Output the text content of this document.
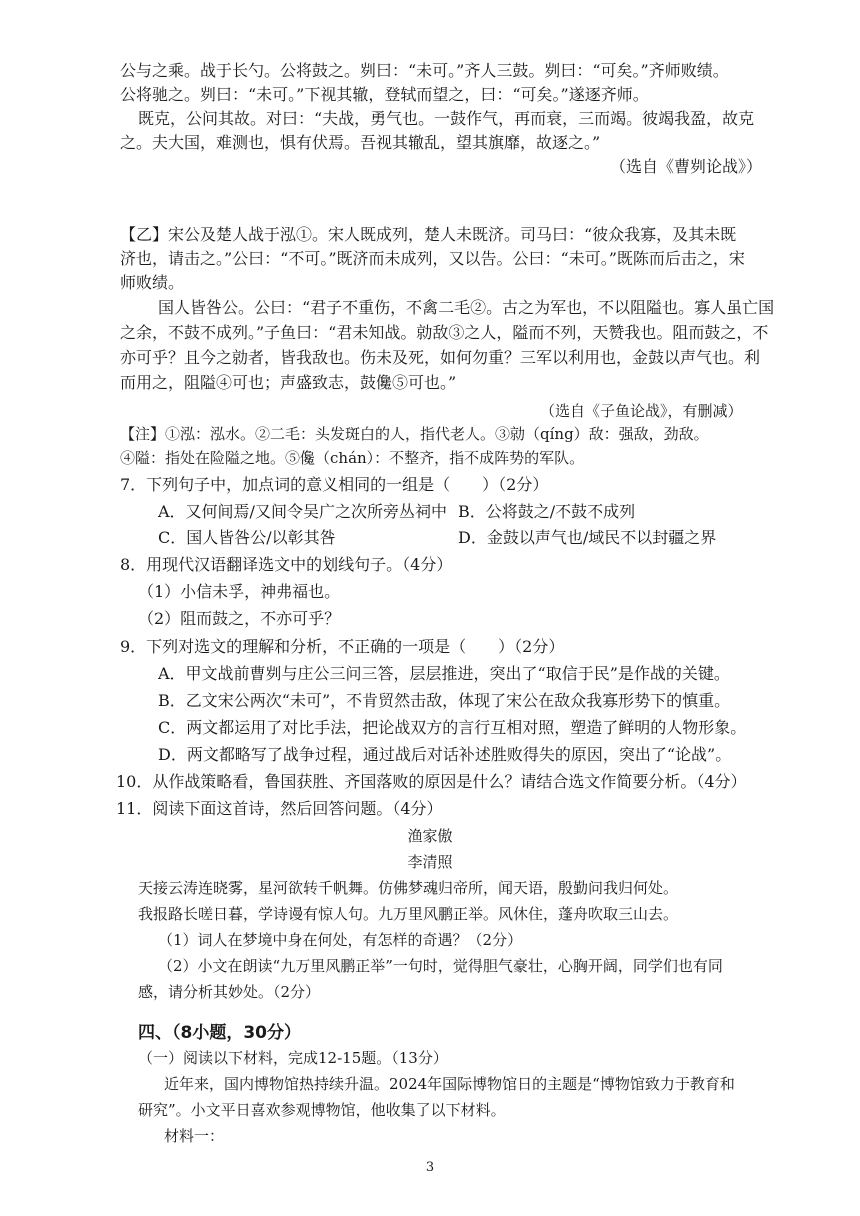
公与之乘。战于长勺。公将鼓之。刿曰：“未可。”齐人三鼓。刿曰：“可矣。”齐师败绩。
公将驰之。刿曰：“未可。”下视其辙，登轼而望之，曰：“可矣。”遂逐齐师。
既克，公问其故。对曰：“夫战，勇气也。一鼓作气，再而衰，三而竭。彼竭我盈，故克
之。夫大国，难测也，惧有伏焉。吾视其辙乱，望其旗靡，故逐之。”
（选自《曹刿论战》）
【乙】宋公及楚人战于泓①。宋人既成列，楚人未既济。司马曰：“彼众我寡，及其未既
济也，请击之。”公曰：“不可。”既济而未成列，又以告。公曰：“未可。”既陈而后击之，宋
师败绩。
国人皆咎公。公曰：“君子不重伤，不禽二毛②。古之为军也，不以阻隘也。寡人虽亡国
之余，不鼓不成列。”子鱼曰：“君未知战。勍敌③之人，隘而不列，天赞我也。阻而鼓之，不
亦可乎？且今之勍者，皆我敌也。伤未及死，如何勿重？三军以利用也，金鼓以声气也。利
而用之，阻隘④可也；声盛致志，鼓儳⑤可也。”
（选自《子鱼论战》，有删减）
【注】①泓：泓水。②二毛：头发斑白的人，指代老人。③勍（qíng）敌：强敌，劲敌。
④隘：指处在险隘之地。⑤儳（chán）：不整齐，指不成阵势的军队。
7．下列句子中，加点词的意义相同的一组是（　　）（2分）
A．又何间焉/又间令吴广之次所旁丛祠中 B．公将鼓之/不鼓不成列
C．国人皆咎公/以彰其咎	D．金鼓以声气也/域民不以封疆之界
8．用现代汉语翻译选文中的划线句子。（4分）
（1）小信未孚，神弗福也。
（2）阻而鼓之，不亦可乎？
9．下列对选文的理解和分析，不正确的一项是（　　）（2分）
A．甲文战前曹刿与庄公三问三答，层层推进，突出了“取信于民”是作战的关键。
B．乙文宋公两次“未可”，不肯贸然击敌，体现了宋公在敌众我寡形势下的慎重。
C．两文都运用了对比手法，把论战双方的言行互相对照，塑造了鲜明的人物形象。
D．两文都略写了战争过程，通过战后对话补述胜败得失的原因，突出了“论战”。
10．从作战策略看，鲁国获胜、齐国落败的原因是什么？请结合选文作简要分析。（4分）
11．阅读下面这首诗，然后回答问题。（4分）
渔家傲
李清照
天接云涛连晓雾，星河欲转千帆舞。仿佛梦魂归帝所，闻天语，殷勤问我归何处。
我报路长嗟日暮，学诗谩有惊人句。九万里风鹏正举。风休住，蓬舟吹取三山去。
（1）词人在梦境中身在何处，有怎样的奇遇？（2分）
（2）小文在朗读“九万里风鹏正举”一句时，觉得胆气豪壮，心胸开阔，同学们也有同
感，请分析其妙处。（2分）
四、（8小题，30分）
（一）阅读以下材料，完成12-15题。（13分）
近年来，国内博物馆热持续升温。2024年国际博物馆日的主题是“博物馆致力于教育和
研究”。小文平日喜欢参观博物馆，他收集了以下材料。
材料一：
3
